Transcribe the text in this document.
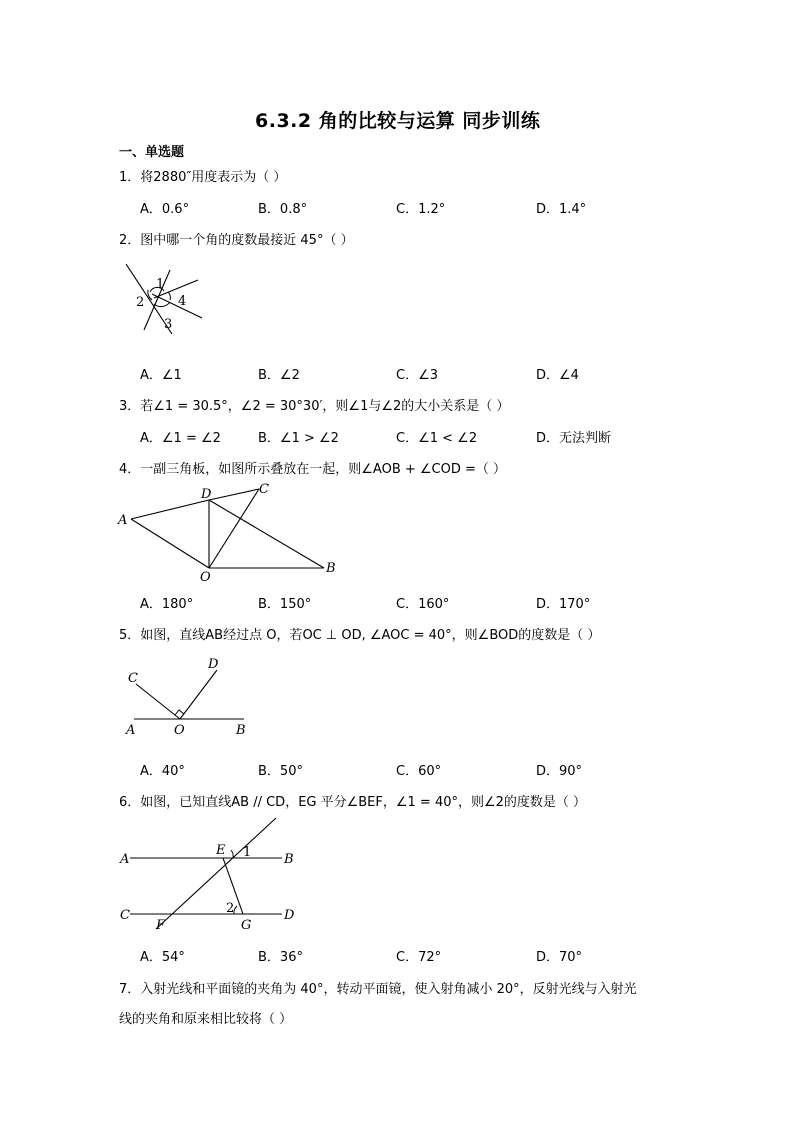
6.3.2 角的比较与运算 同步训练
一、单选题
1．将2880″用度表示为（ ）
A．0.6°	B．0.8°	C．1.2°	D．1.4°
2．图中哪一个角的度数最接近 45°（ ）
1
2
3
4
A．∠1	B．∠2	C．∠3	D．∠4
3．若∠1 = 30.5°，∠2 = 30°30′，则∠1与∠2的大小关系是（ ）
A．∠1 = ∠2	B．∠1 > ∠2	C．∠1 < ∠2	D．无法判断
4．一副三角板，如图所示叠放在一起，则∠AOB + ∠COD =（ ）
A
D	C
O
B
A．180°	B．150°	C．160°	D．170°
5．如图，直线AB经过点 O，若OC ⊥ OD, ∠AOC = 40°，则∠BOD的度数是（ ）
C
D
A	O	B
A．40°	B．50°	C．60°	D．90°
6．如图，已知直线AB // CD，EG 平分∠BEF，∠1 = 40°，则∠2的度数是（ ）
A
E 1	B
C
F
2
G
D
A．54°	B．36°	C．72°	D．70°
7．入射光线和平面镜的夹角为 40°，转动平面镜，使入射角减小 20°，反射光线与入射光
线的夹角和原来相比较将（ ）
